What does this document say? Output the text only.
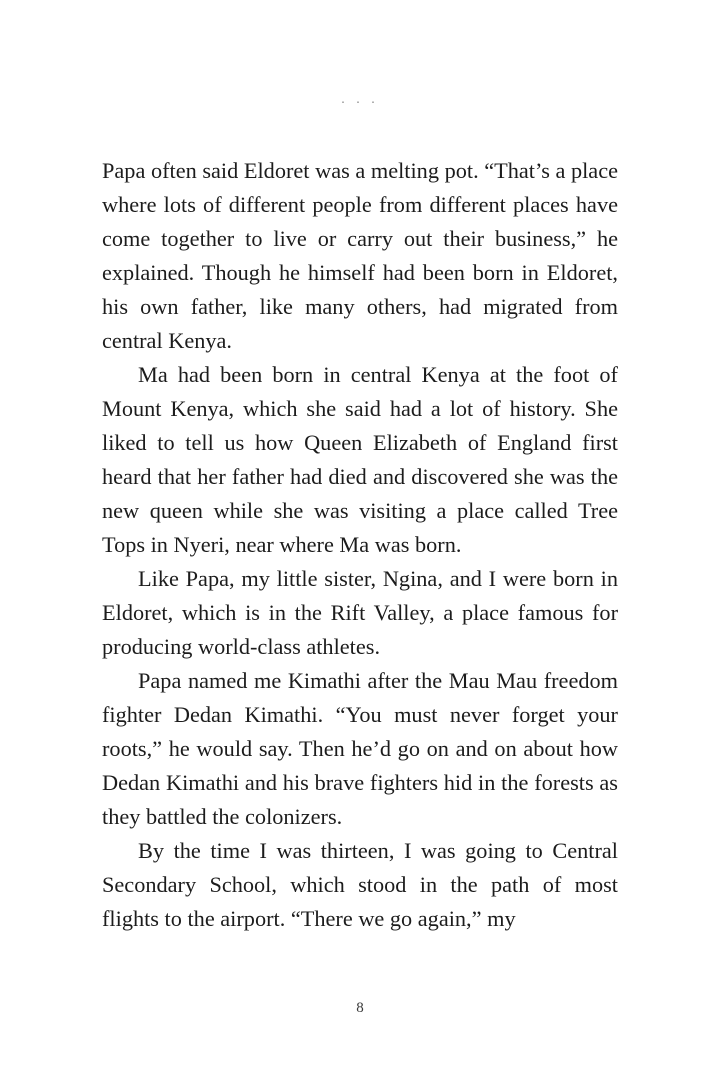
. . .

Papa often said Eldoret was a melting pot. “That’s a place where lots of different people from different places have come together to live or carry out their business,” he explained. Though he himself had been born in Eldoret, his own father, like many others, had migrated from central Kenya.

Ma had been born in central Kenya at the foot of Mount Kenya, which she said had a lot of history. She liked to tell us how Queen Elizabeth of England first heard that her father had died and discovered she was the new queen while she was visiting a place called Tree Tops in Nyeri, near where Ma was born.

Like Papa, my little sister, Ngina, and I were born in Eldoret, which is in the Rift Valley, a place famous for producing world-class athletes.

Papa named me Kimathi after the Mau Mau freedom fighter Dedan Kimathi. “You must never forget your roots,” he would say. Then he’d go on and on about how Dedan Kimathi and his brave fighters hid in the forests as they battled the colonizers.

By the time I was thirteen, I was going to Central Secondary School, which stood in the path of most flights to the airport. “There we go again,” my

8
